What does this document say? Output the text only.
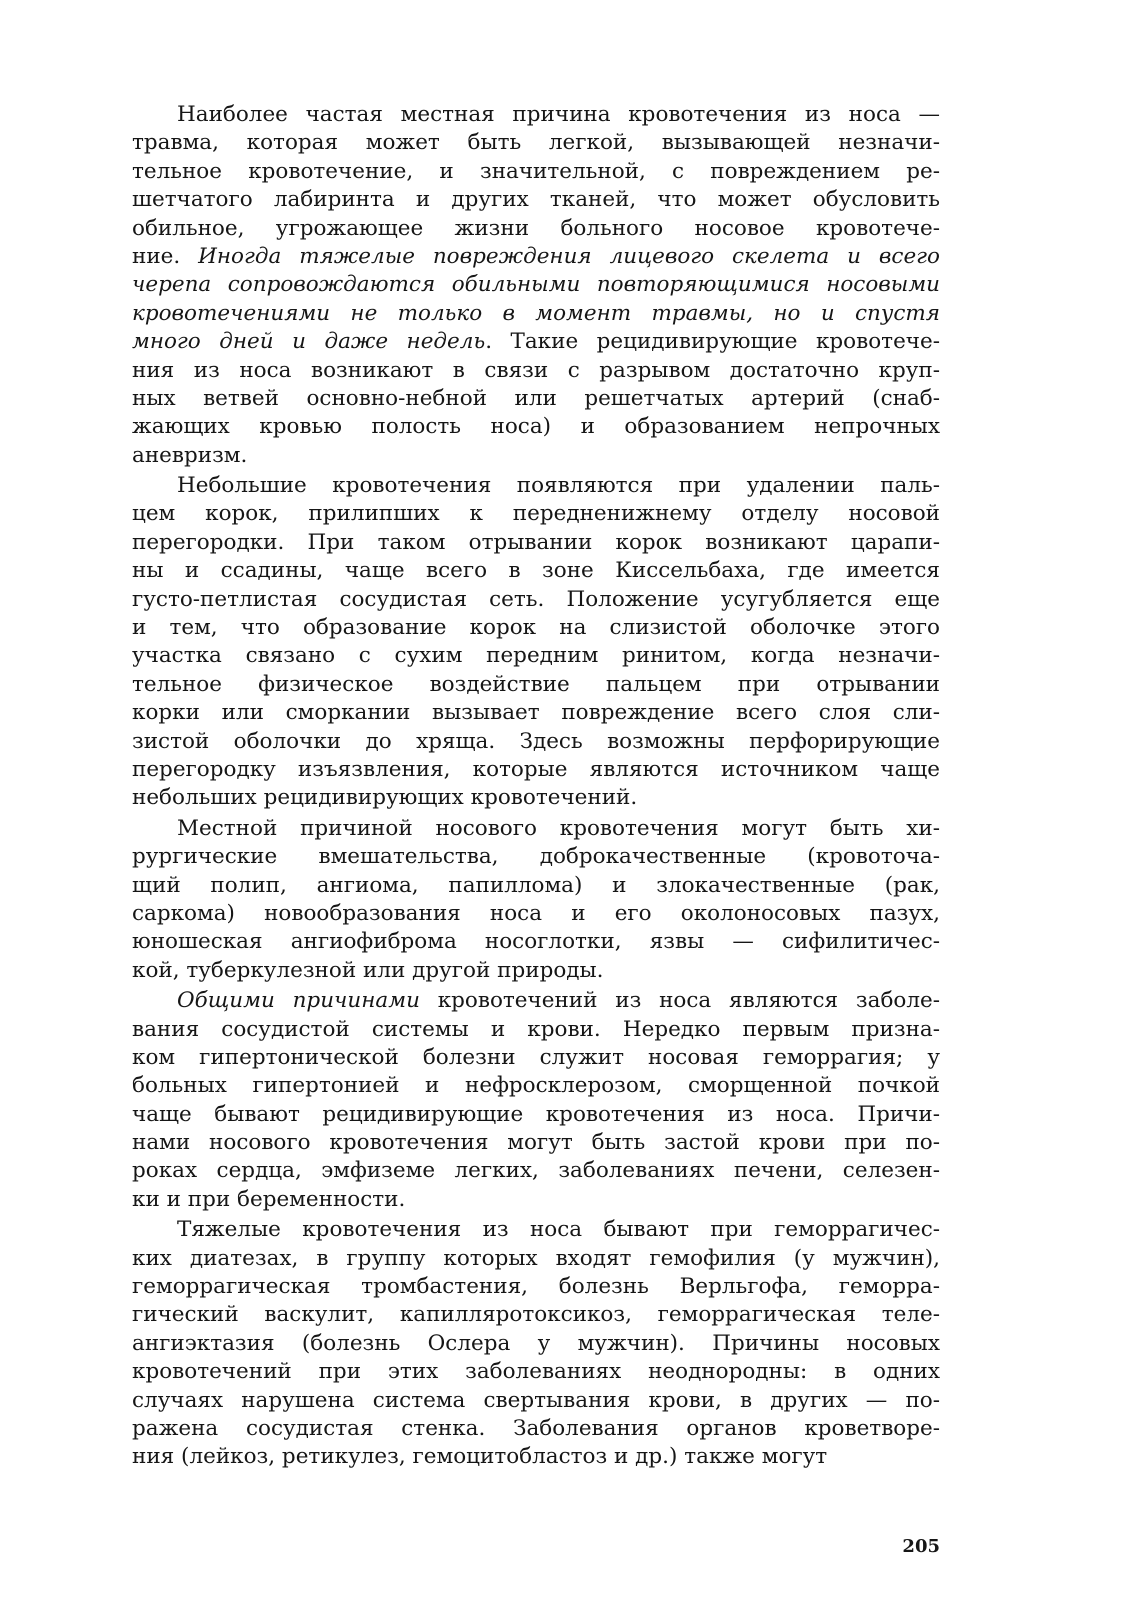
Наиболее частая местная причина кровотечения из носа —
травма, которая может быть легкой, вызывающей незначи-
тельное кровотечение, и значительной, с повреждением ре-
шетчатого лабиринта и других тканей, что может обусловить
обильное, угрожающее жизни больного носовое кровотече-
ние. Иногда тяжелые повреждения лицевого скелета и всего
черепа сопровождаются обильными повторяющимися носовыми
кровотечениями не только в момент травмы, но и спустя
много дней и даже недель. Такие рецидивирующие кровотече-
ния из носа возникают в связи с разрывом достаточно круп-
ных ветвей основно-небной или решетчатых артерий (снаб-
жающих кровью полость носа) и образованием непрочных
аневризм.
Небольшие кровотечения появляются при удалении паль-
цем корок, прилипших к передненижнему отделу носовой
перегородки. При таком отрывании корок возникают царапи-
ны и ссадины, чаще всего в зоне Киссельбаха, где имеется
густо-петлистая сосудистая сеть. Положение усугубляется еще
и тем, что образование корок на слизистой оболочке этого
участка связано с сухим передним ринитом, когда незначи-
тельное физическое воздействие пальцем при отрывании
корки или сморкании вызывает повреждение всего слоя сли-
зистой оболочки до хряща. Здесь возможны перфорирующие
перегородку изъязвления, которые являются источником чаще
небольших рецидивирующих кровотечений.
Местной причиной носового кровотечения могут быть хи-
рургические вмешательства, доброкачественные (кровоточа-
щий полип, ангиома, папиллома) и злокачественные (рак,
саркома) новообразования носа и его околоносовых пазух,
юношеская ангиофиброма носоглотки, язвы — сифилитичес-
кой, туберкулезной или другой природы.
Общими причинами кровотечений из носа являются заболе-
вания сосудистой системы и крови. Нередко первым призна-
ком гипертонической болезни служит носовая геморрагия; у
больных гипертонией и нефросклерозом, сморщенной почкой
чаще бывают рецидивирующие кровотечения из носа. Причи-
нами носового кровотечения могут быть застой крови при по-
роках сердца, эмфиземе легких, заболеваниях печени, селезен-
ки и при беременности.
Тяжелые кровотечения из носа бывают при геморрагичес-
ких диатезах, в группу которых входят гемофилия (у мужчин),
геморрагическая тромбастения, болезнь Верльгофа, геморра-
гический васкулит, капилляротоксикоз, геморрагическая теле-
ангиэктазия (болезнь Ослера у мужчин). Причины носовых
кровотечений при этих заболеваниях неоднородны: в одних
случаях нарушена система свертывания крови, в других — по-
ражена сосудистая стенка. Заболевания органов кроветворе-
ния (лейкоз, ретикулез, гемоцитобластоз и др.) также могут
205
